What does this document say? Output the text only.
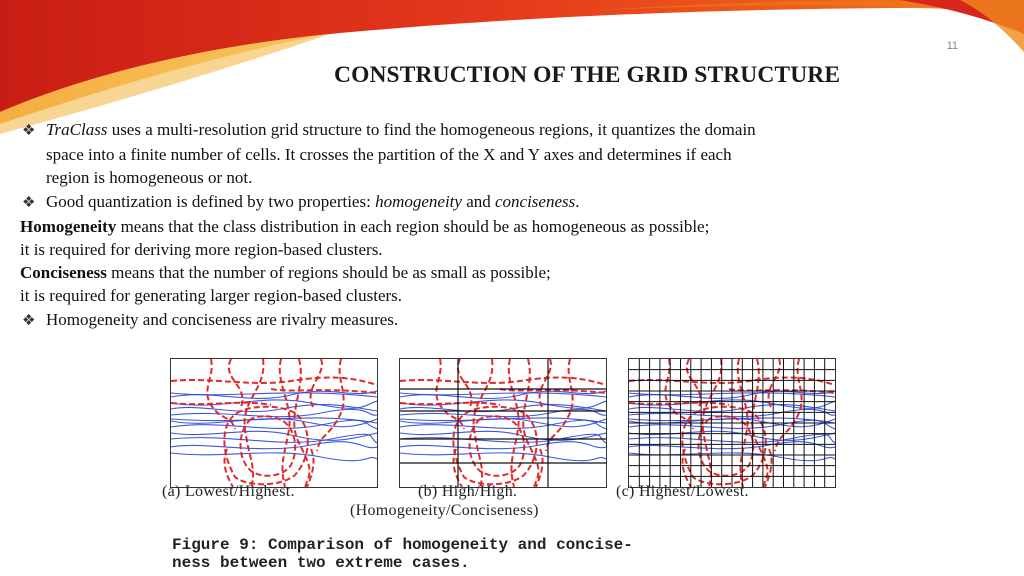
11
CONSTRUCTION OF THE GRID STRUCTURE
❖ TraClass uses a multi-resolution grid structure to find the homogeneous regions, it quantizes the domain
space into a finite number of cells. It crosses the partition of the X and Y axes and determines if each
region is homogeneous or not.
❖ Good quantization is defined by two properties: homogeneity and conciseness.
Homogeneity means that the class distribution in each region should be as homogeneous as possible;
it is required for deriving more region-based clusters.
Conciseness means that the number of regions should be as small as possible;
it is required for generating larger region-based clusters.
❖ Homogeneity and conciseness are rivalry measures.
(a) Lowest/Highest.	(b) High/High.	(c) Highest/Lowest.
(Homogeneity/Conciseness)
Figure 9: Comparison of homogeneity and concise-
ness between two extreme cases.
